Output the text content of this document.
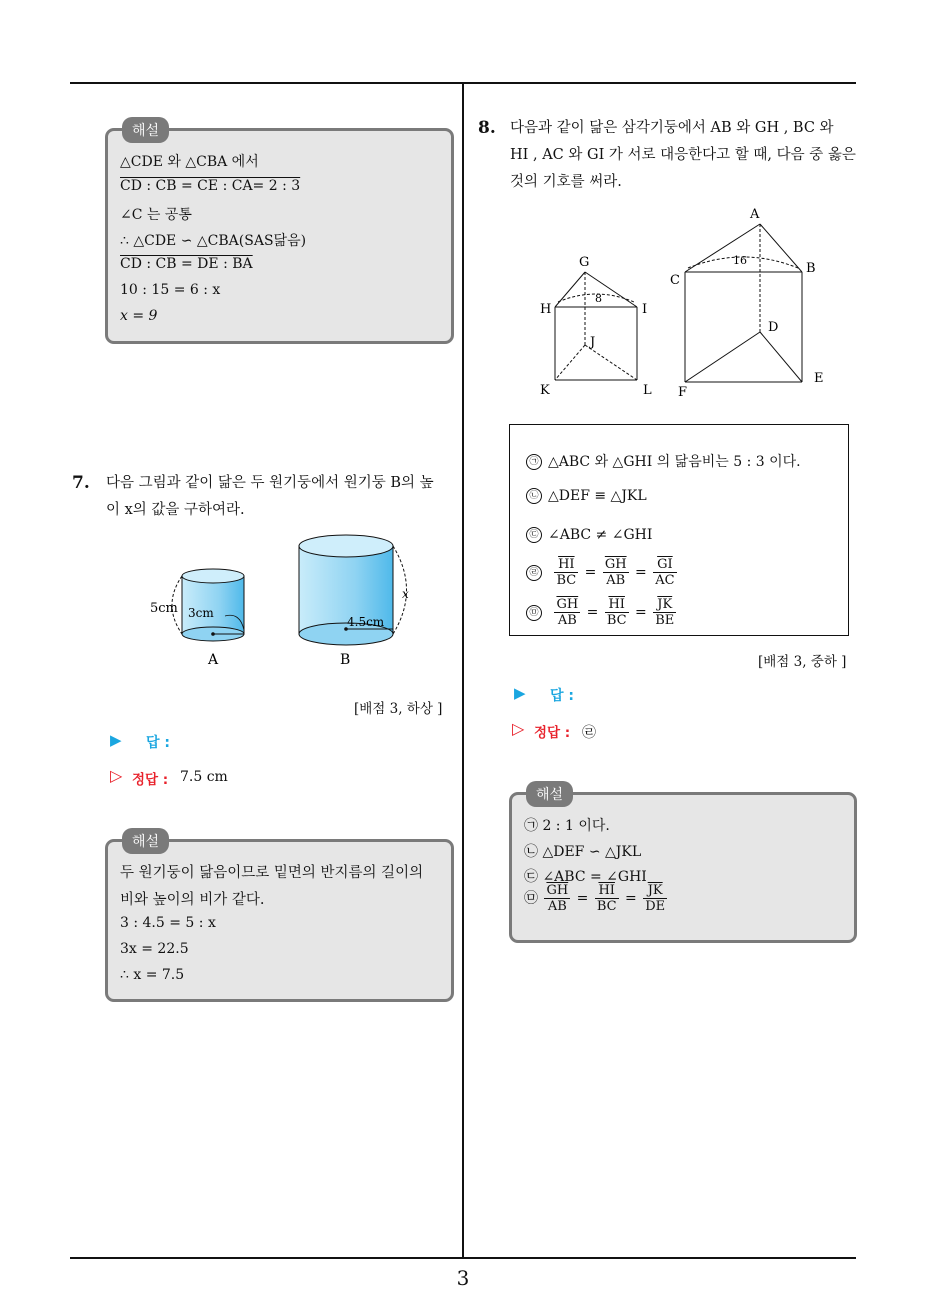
3
해설
△CDE 와 △CBA 에서
CD : CB = CE : CA= 2 : 3
∠C 는 공통
∴ △CDE ∽ △CBA(SAS닮음)
CD : CB = DE : BA
10 : 15 = 6 : x
x = 9
7. 다음 그림과 같이 닮은 두 원기둥에서 원기둥 B의 높
이 x의 값을 구하여라.
5cm 3cm
A
4.5cm
x
B
[배점 3, 하상 ]
▶ 답 :
▷ 정답 : 7.5 cm
해설
두 원기둥이 닮음이므로 밑면의 반지름의 길이의
비와 높이의 비가 같다.
3 : 4.5 = 5 : x
3x = 22.5
∴ x = 7.5
8. 다음과 같이 닮은 삼각기둥에서 AB 와 GH , BC 와
HI , AC 와 GI 가 서로 대응한다고 할 때, 다음 중 옳은
것의 기호를 써라.
G
H	I
J
K	L
8
A
C
B
D
E
F
16
㉠ △ABC 와 △GHI 의 닮음비는 5 : 3 이다.
㉡ △DEF ≡ △JKL
㉢ ∠ABC ≠ ∠GHI
㉣ $\frac{\overline{HI}}{BC} = \frac{\overline{GH}}{AB} = \frac{\overline{GI}}{AC}$
㉤ $\frac{\overline{GH}}{AB} = \frac{\overline{HI}}{BC} = \frac{\overline{JK}}{BE}$
[배점 3, 중하 ]
▶ 답 :
▷ 정답 : ㉣
해설
㉠ 2 : 1 이다.
㉡ △DEF ∽ △JKL
㉢ ∠ABC = ∠GHI
㉤ $\frac{\overline{GH}}{AB} = \frac{\overline{HI}}{BC} = \frac{\overline{JK}}{DE}$
